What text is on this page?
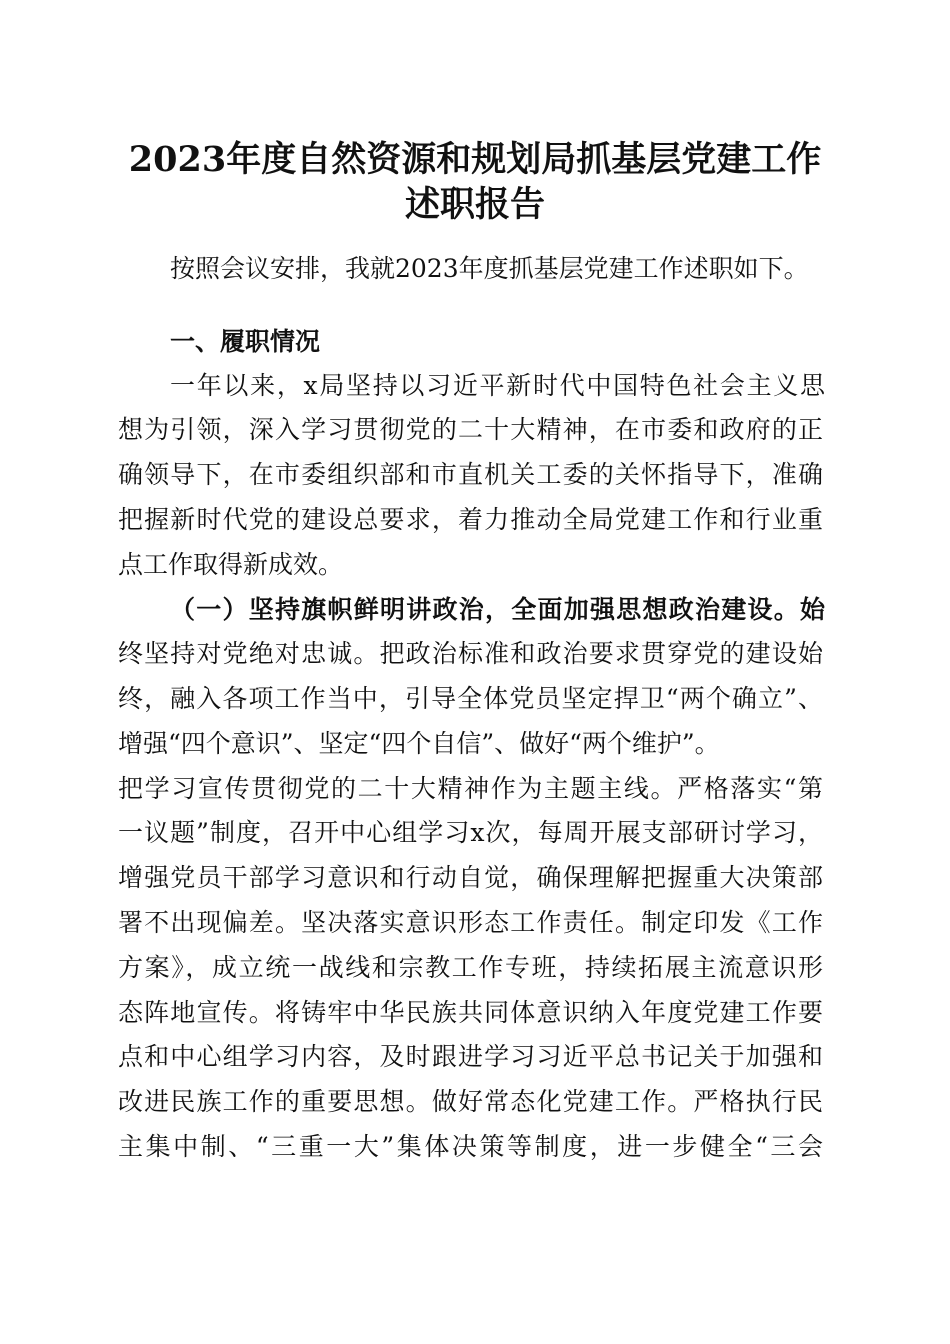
2023年度自然资源和规划局抓基层党建工作
述职报告

按照会议安排，我就2023年度抓基层党建工作述职如下。

一、履职情况

一年以来，x局坚持以习近平新时代中国特色社会主义思

想为引领，深入学习贯彻党的二十大精神，在市委和政府的正

确领导下，在市委组织部和市直机关工委的关怀指导下，准确

把握新时代党的建设总要求，着力推动全局党建工作和行业重

点工作取得新成效。

（一）坚持旗帜鲜明讲政治，全面加强思想政治建设。始

终坚持对党绝对忠诚。把政治标准和政治要求贯穿党的建设始

终，融入各项工作当中，引导全体党员坚定捍卫“两个确立”、

增强“四个意识”、坚定“四个自信”、做好“两个维护”。

把学习宣传贯彻党的二十大精神作为主题主线。严格落实“第

一议题”制度，召开中心组学习x次，每周开展支部研讨学习，

增强党员干部学习意识和行动自觉，确保理解把握重大决策部

署不出现偏差。坚决落实意识形态工作责任。制定印发《工作

方案》，成立统一战线和宗教工作专班，持续拓展主流意识形

态阵地宣传。将铸牢中华民族共同体意识纳入年度党建工作要

点和中心组学习内容，及时跟进学习习近平总书记关于加强和

改进民族工作的重要思想。做好常态化党建工作。严格执行民

主集中制、“三重一大”集体决策等制度，进一步健全“三会
